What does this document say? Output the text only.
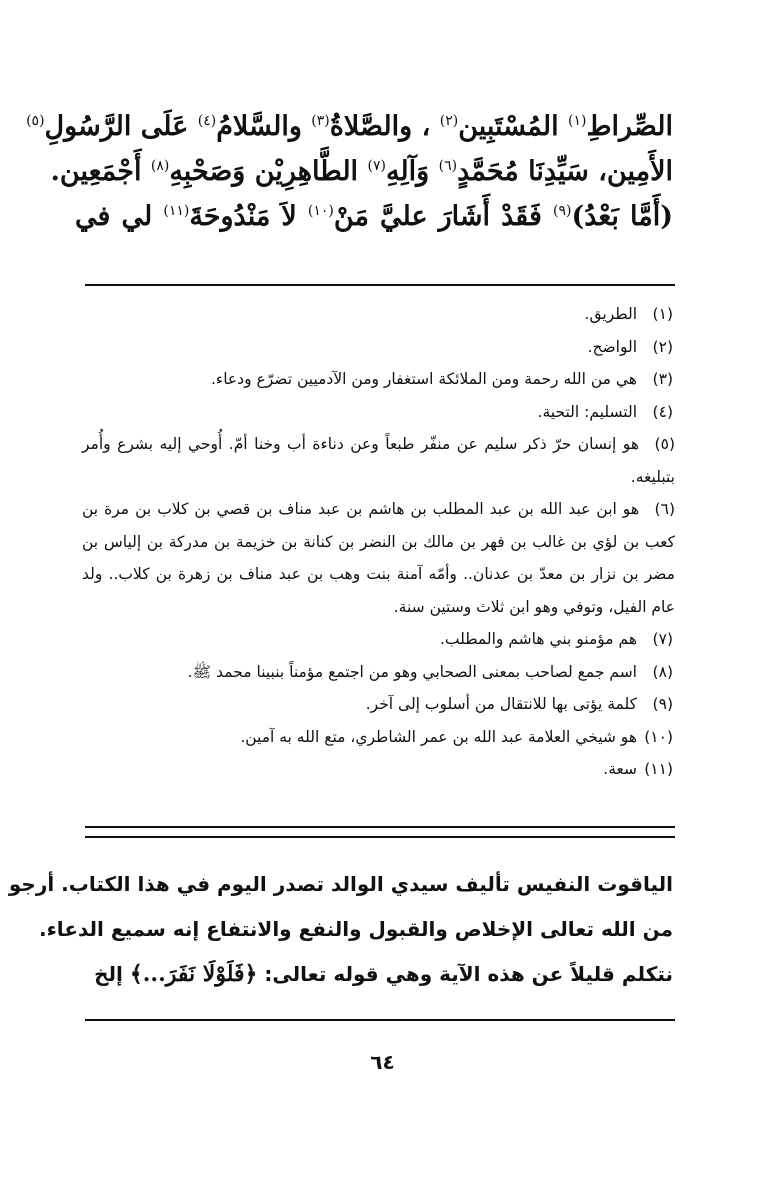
الصِّراطِ$^{(١)}$ المُسْتَبِين$^{(٢)}$ ، والصَّلاةُ$^{(٣)}$ والسَّلامُ$^{(٤)}$ عَلَى الرَّسُولِ$^{(٥)}$

الأَمِين، سَيِّدِنَا مُحَمَّدٍ$^{(٦)}$ وَآلِهِ$^{(٧)}$ الطَّاهِرِيْن وَصَحْبِهِ$^{(٨)}$ أَجْمَعِين.

(أَمَّا بَعْدُ)$^{(٩)}$ فَقَدْ أَشَارَ عليَّ مَنْ$^{(١٠)}$ لاَ مَنْدُوحَةَ$^{(١١)}$ لي في

(١)الطريق.
(٢)الواضح.
(٣)هي من الله رحمة ومن الملائكة استغفار ومن الآدميين تضرّع ودعاء.
(٤)التسليم: التحية.
(٥)هو إنسان حرّ ذكر سليم عن منفّر طبعاً وعن دناءة أب وخنا أمّ. أُوحي إليه بشرع وأُمر بتبليغه.
(٦)هو ابن عبد الله بن عبد المطلب بن هاشم بن عبد مناف بن قصي بن كلاب بن مرة بن كعب بن لؤي بن غالب بن فهر بن مالك بن النضر بن كنانة بن خزيمة بن مدركة بن إلياس بن مضر بن نزار بن معدّ بن عدنان.. وأمّه آمنة بنت وهب بن عبد مناف بن زهرة بن كلاب.. ولد عام الفيل، وتوفي وهو ابن ثلاث وستين سنة.
(٧)هم مؤمنو بني هاشم والمطلب.
(٨)اسم جمع لصاحب بمعنى الصحابي وهو من اجتمع مؤمناً بنبينا محمد ﷺ.
(٩)كلمة يؤتى بها للانتقال من أسلوب إلى آخر.
(١٠)هو شيخي العلامة عبد الله بن عمر الشاطري، متع الله به آمين.
(١١)سعة.

الياقوت النفيس تأليف سيدي الوالد تصدر اليوم في هذا الكتاب. أرجو

من الله تعالى الإخلاص والقبول والنفع والانتفاع إنه سميع الدعاء.

نتكلم قليلاً عن هذه الآية وهي قوله تعالى: ﴿فَلَوْلَا نَفَرَ...﴾ إلخ

٦٤
